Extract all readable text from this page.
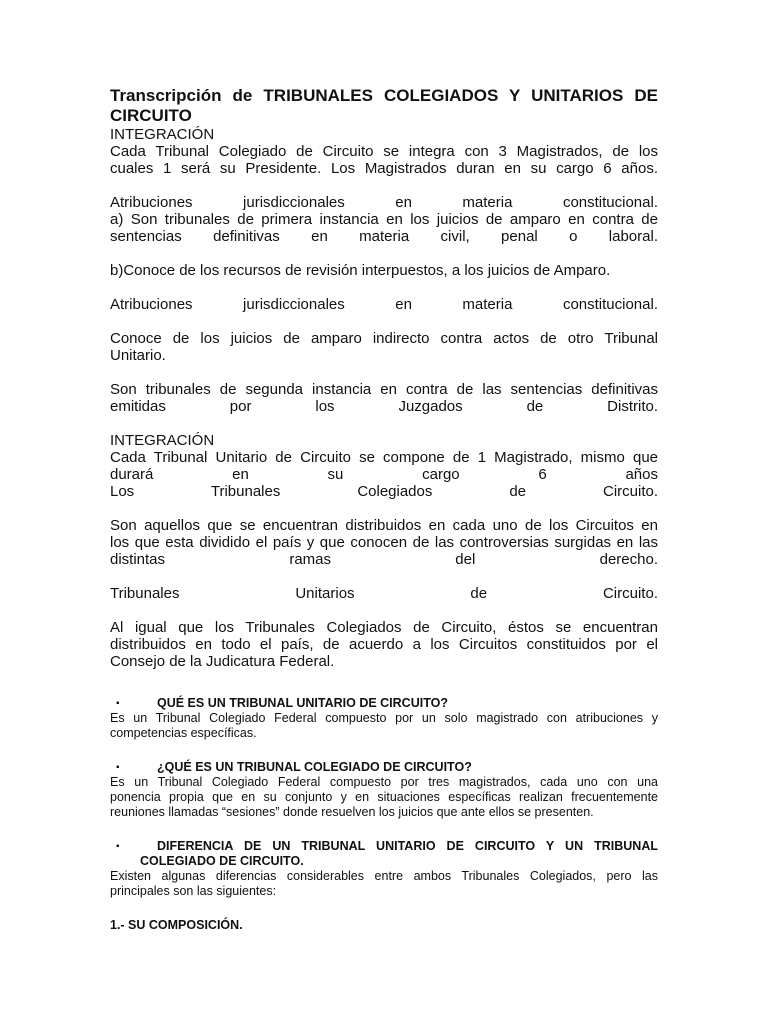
Transcripción de TRIBUNALES COLEGIADOS Y UNITARIOS DE
CIRCUITO
INTEGRACIÓN
Cada Tribunal Colegiado de Circuito se integra con 3 Magistrados, de los
cuales 1 será su Presidente. Los Magistrados duran en su cargo 6 años.
Atribuciones jurisdiccionales en materia constitucional.
a) Son tribunales de primera instancia en los juicios de amparo en contra de
sentencias definitivas en materia civil, penal o laboral.
b)Conoce de los recursos de revisión interpuestos, a los juicios de Amparo.
Atribuciones jurisdiccionales en materia constitucional.
Conoce de los juicios de amparo indirecto contra actos de otro Tribunal
Unitario.
Son tribunales de segunda instancia en contra de las sentencias definitivas
emitidas por los Juzgados de Distrito.
INTEGRACIÓN
Cada Tribunal Unitario de Circuito se compone de 1 Magistrado, mismo que
durará en su cargo 6 años
Los Tribunales Colegiados de Circuito.
Son aquellos que se encuentran distribuidos en cada uno de los Circuitos en
los que esta dividido el país y que conocen de las controversias surgidas en las
distintas ramas del derecho.
Tribunales Unitarios de Circuito.
Al igual que los Tribunales Colegiados de Circuito, éstos se encuentran
distribuidos en todo el país, de acuerdo a los Circuitos constituidos por el
Consejo de la Judicatura Federal.

▪	QUÉ ES UN TRIBUNAL UNITARIO DE CIRCUITO?

Es un Tribunal Colegiado Federal compuesto por un solo magistrado con atribuciones y
competencias específicas.

▪	¿QUÉ ES UN TRIBUNAL COLEGIADO DE CIRCUITO?

Es un Tribunal Colegiado Federal compuesto por tres magistrados, cada uno con una
ponencia propia que en su conjunto y en situaciones específicas realizan frecuentemente
reuniones llamadas “sesiones” donde resuelven los juicios que ante ellos se presenten.

▪	DIFERENCIA DE UN TRIBUNAL UNITARIO DE CIRCUITO Y UN TRIBUNAL
COLEGIADO DE CIRCUITO.

Existen algunas diferencias considerables entre ambos Tribunales Colegiados, pero las
principales son las siguientes:

1.- SU COMPOSICIÓN.
